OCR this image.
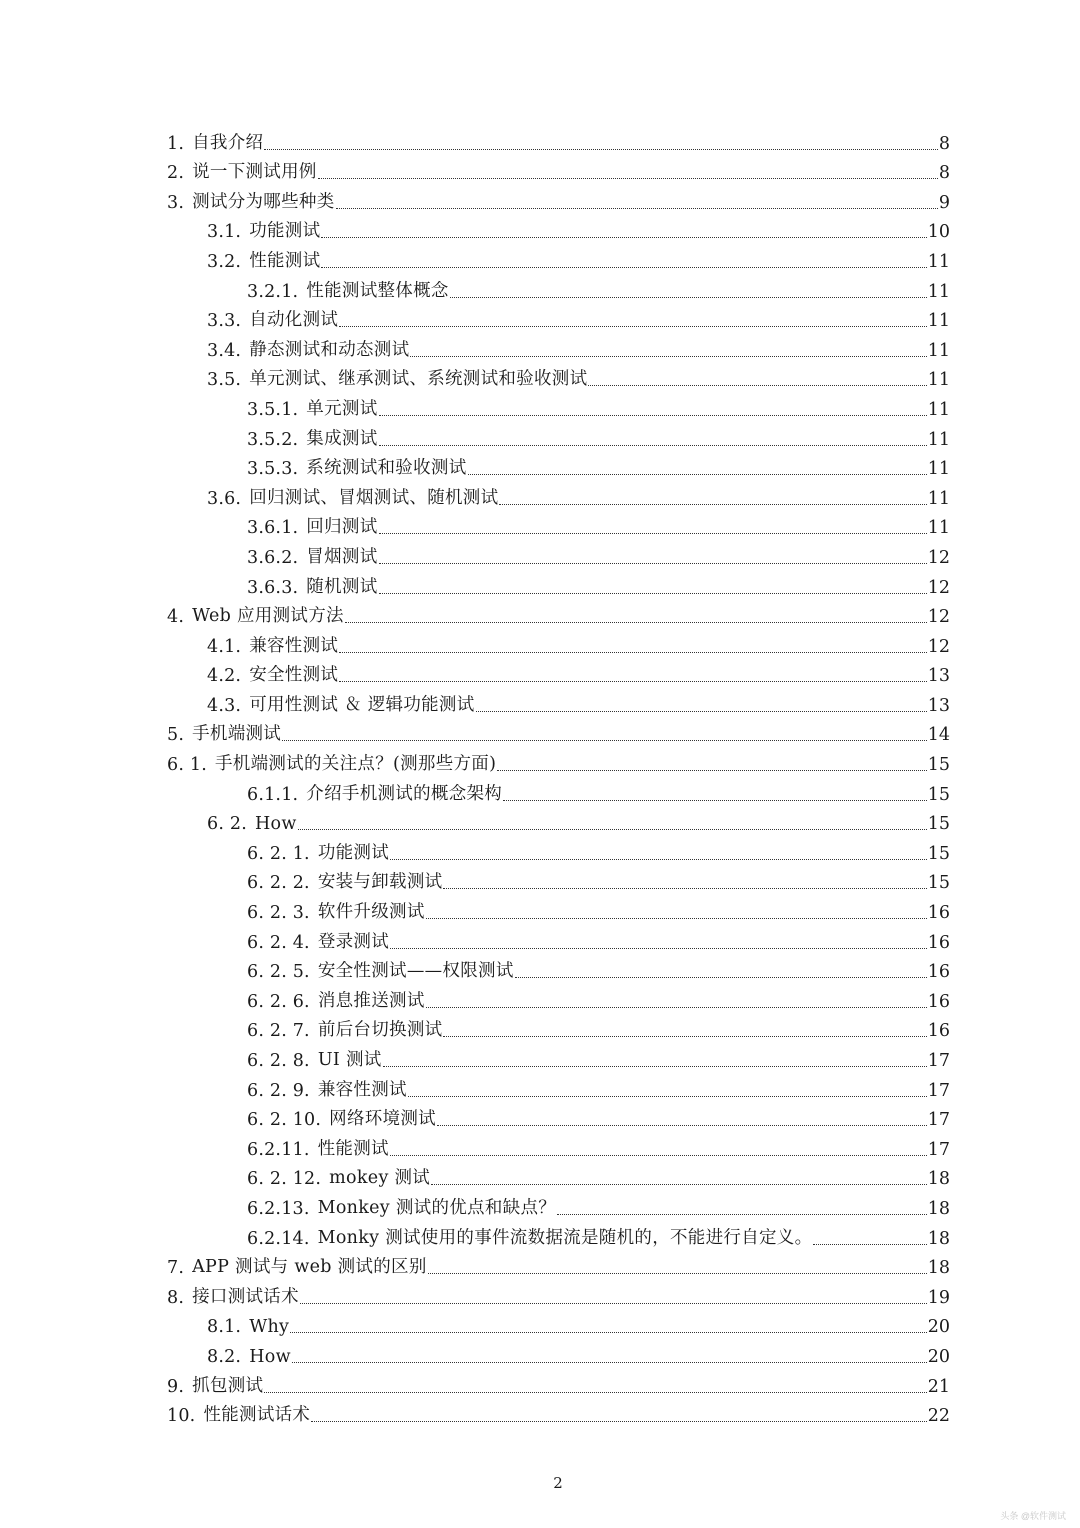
1. 自我介绍	8
2. 说一下测试用例	8
3. 测试分为哪些种类	9
3.1. 功能测试	10
3.2. 性能测试	11
3.2.1. 性能测试整体概念	11
3.3. 自动化测试	11
3.4. 静态测试和动态测试	11
3.5. 单元测试、继承测试、系统测试和验收测试	11
3.5.1. 单元测试	11
3.5.2. 集成测试	11
3.5.3. 系统测试和验收测试	11
3.6. 回归测试、冒烟测试、随机测试	11
3.6.1. 回归测试	11
3.6.2. 冒烟测试	12
3.6.3. 随机测试	12
4. Web 应用测试方法	12
4.1. 兼容性测试	12
4.2. 安全性测试	13
4.3. 可用性测试 ＆ 逻辑功能测试	13
5. 手机端测试	14
6. 1. 手机端测试的关注点？(测那些方面)	15
6.1.1. 介绍手机测试的概念架构	15
6. 2. How	15
6. 2. 1. 功能测试	15
6. 2. 2. 安装与卸载测试	15
6. 2. 3. 软件升级测试	16
6. 2. 4. 登录测试	16
6. 2. 5. 安全性测试——权限测试	16
6. 2. 6. 消息推送测试	16
6. 2. 7. 前后台切换测试	16
6. 2. 8. UI 测试	17
6. 2. 9. 兼容性测试	17
6. 2. 10. 网络环境测试	17
6.2.11. 性能测试	17
6. 2. 12. mokey 测试	18
6.2.13. Monkey 测试的优点和缺点？	18
6.2.14. Monky 测试使用的事件流数据流是随机的，不能进行自定义。	18
7. APP 测试与 web 测试的区别	18
8. 接口测试话术	19
8.1. Why	20
8.2. How	20
9. 抓包测试	21
10. 性能测试话术	22
2
头条 @软件测试
